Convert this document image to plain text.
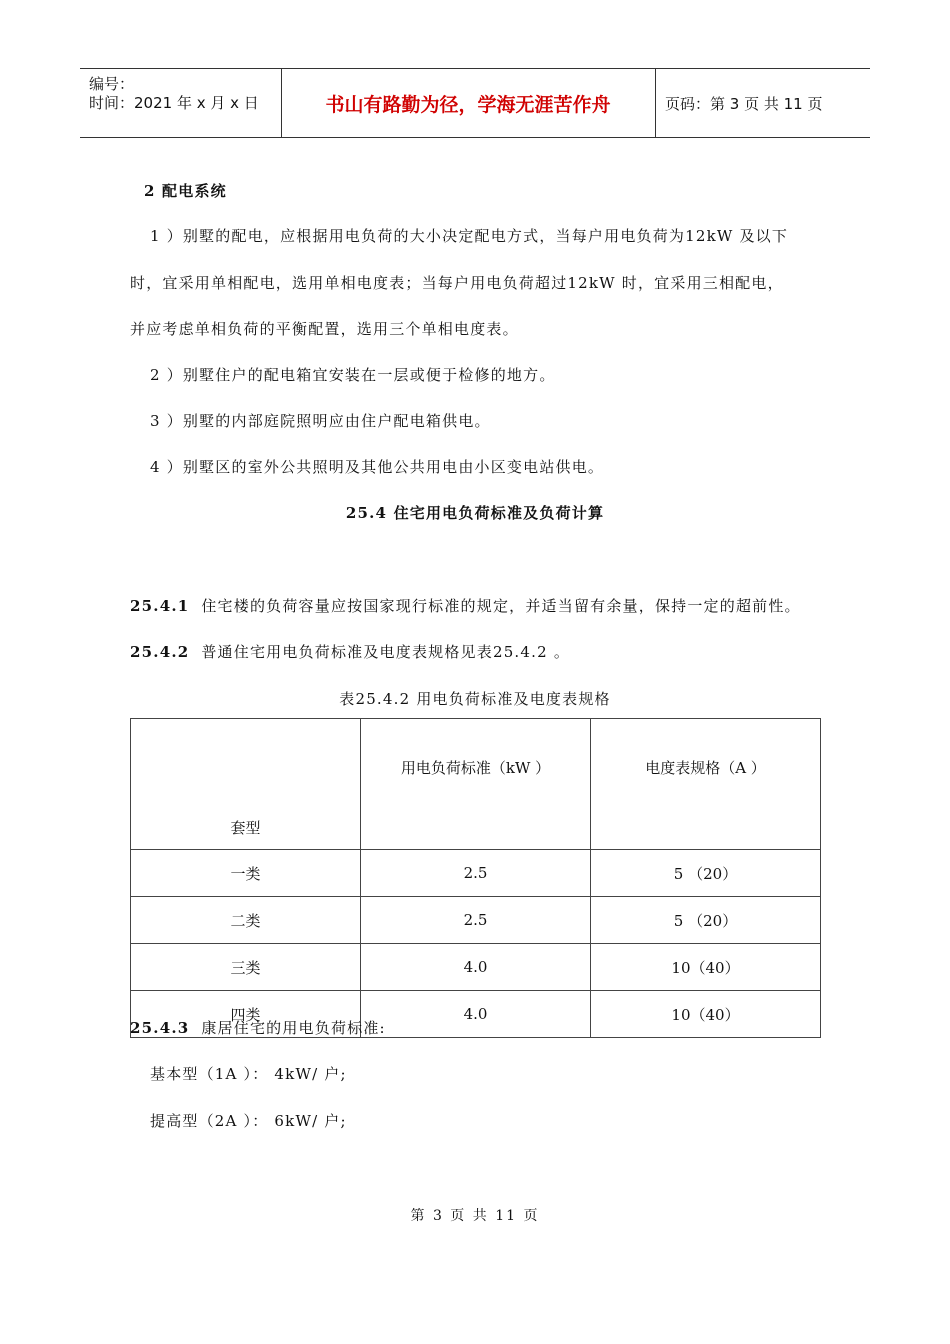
编号：
时间：2021 年 x 月 x 日	书山有路勤为径，学海无涯苦作舟	页码：第 3 页 共 11 页
2 配电系统
1 ）别墅的配电，应根据用电负荷的大小决定配电方式，当每户用电负荷为12kW 及以下
时，宜采用单相配电，选用单相电度表；当每户用电负荷超过12kW 时，宜采用三相配电，
并应考虑单相负荷的平衡配置，选用三个单相电度表。
2 ）别墅住户的配电箱宜安装在一层或便于检修的地方。
3 ）别墅的内部庭院照明应由住户配电箱供电。
4 ）别墅区的室外公共照明及其他公共用电由小区变电站供电。
25.4 住宅用电负荷标准及负荷计算
25.4.1 住宅楼的负荷容量应按国家现行标准的规定，并适当留有余量，保持一定的超前性。
25.4.2 普通住宅用电负荷标准及电度表规格见表25.4.2 。
表25.4.2 用电负荷标准及电度表规格
套型	用电负荷标准（kW ）	电度表规格（A ）
一类	2.5	5 （20）
二类	2.5	5 （20）
三类	4.0	10（40）
四类	4.0	10（40）
25.4.3 康居住宅的用电负荷标准:
基本型（1A ）： 4kW/ 户;
提高型（2A ）： 6kW/ 户;
第 3 页 共 11 页
